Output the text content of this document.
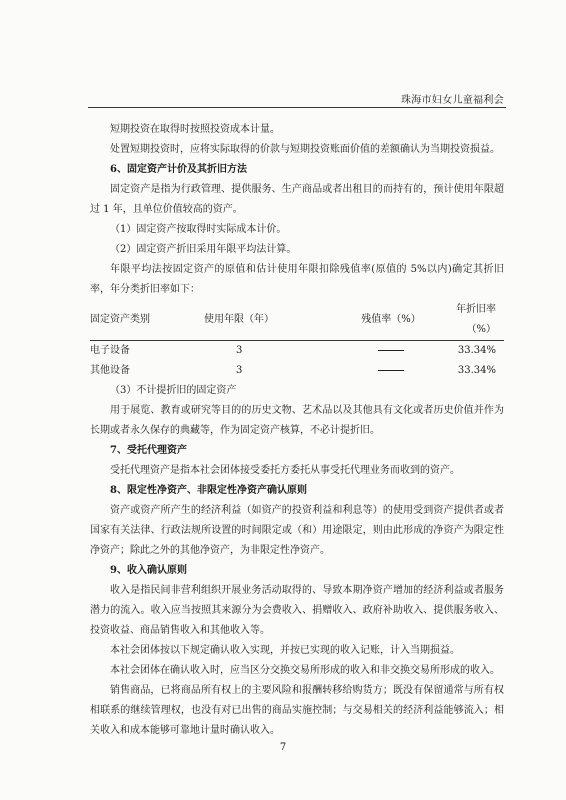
珠海市妇女儿童福利会

短期投资在取得时按照投资成本计量。

处置短期投资时，应将实际取得的价款与短期投资账面价值的差额确认为当期投资损益。

6、固定资产计价及其折旧方法

固定资产是指为行政管理、提供服务、生产商品或者出租目的而持有的，预计使用年限超过 1 年，且单位价值较高的资产。

（1）固定资产按取得时实际成本计价。

（2）固定资产折旧采用年限平均法计算。

年限平均法按固定资产的原值和估计使用年限扣除残值率(原值的 5%以内)确定其折旧率，年分类折旧率如下：

固定资产类别	使用年限（年）	残值率（%）	年折旧率（%）
电子设备	3		33.34%
其他设备	3		33.34%

（3）不计提折旧的固定资产

用于展览、教育或研究等目的的历史文物、艺术品以及其他具有文化或者历史价值并作为长期或者永久保存的典藏等，作为固定资产核算，不必计提折旧。

7、受托代理资产

受托代理资产是指本社会团体接受委托方委托从事受托代理业务而收到的资产。

8、限定性净资产、非限定性净资产确认原则

资产或资产所产生的经济利益（如资产的投资利益和利息等）的使用受到资产提供者或者国家有关法律、行政法规所设置的时间限定或（和）用途限定，则由此形成的净资产为限定性净资产；除此之外的其他净资产，为非限定性净资产。

9、收入确认原则

收入是指民间非营利组织开展业务活动取得的、导致本期净资产增加的经济利益或者服务潜力的流入。收入应当按照其来源分为会费收入、捐赠收入、政府补助收入、提供服务收入、投资收益、商品销售收入和其他收入等。

本社会团体按以下规定确认收入实现，并按已实现的收入记账，计入当期损益。

本社会团体在确认收入时，应当区分交换交易所形成的收入和非交换交易所形成的收入。

销售商品，已将商品所有权上的主要风险和报酬转移给购货方；既没有保留通常与所有权相联系的继续管理权，也没有对已出售的商品实施控制；与交易相关的经济利益能够流入；相关收入和成本能够可靠地计量时确认收入。

7
